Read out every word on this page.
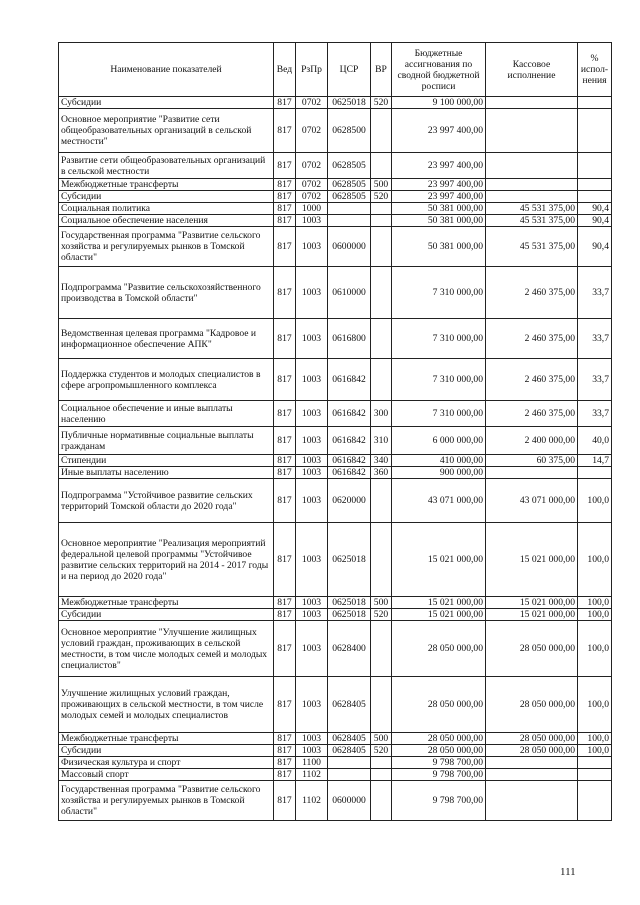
Наименование показателей	Вед	РзПр	ЦСР	ВР	Бюджетные ассигнования по сводной бюджетной росписи	Кассовое исполнение	% испол-нения
Субсидии	817	0702	0625018	520	9 100 000,00		
Основное мероприятие "Развитие сети общеобразовательных организаций в сельской местности"	817	0702	0628500		23 997 400,00		
Развитие сети общеобразовательных организаций в сельской местности	817	0702	0628505		23 997 400,00		
Межбюджетные трансферты	817	0702	0628505	500	23 997 400,00		
Субсидии	817	0702	0628505	520	23 997 400,00		
Социальная политика	817	1000			50 381 000,00	45 531 375,00	90,4
Социальное обеспечение населения	817	1003			50 381 000,00	45 531 375,00	90,4
Государственная программа "Развитие сельского хозяйства и регулируемых рынков в Томской области"	817	1003	0600000		50 381 000,00	45 531 375,00	90,4
Подпрограмма "Развитие сельскохозяйственного производства в Томской области"	817	1003	0610000		7 310 000,00	2 460 375,00	33,7
Ведомственная целевая программа "Кадровое и информационное обеспечение АПК"	817	1003	0616800		7 310 000,00	2 460 375,00	33,7
Поддержка студентов и молодых специалистов в сфере агропромышленного комплекса	817	1003	0616842		7 310 000,00	2 460 375,00	33,7
Социальное обеспечение и иные выплаты населению	817	1003	0616842	300	7 310 000,00	2 460 375,00	33,7
Публичные нормативные социальные выплаты гражданам	817	1003	0616842	310	6 000 000,00	2 400 000,00	40,0
Стипендии	817	1003	0616842	340	410 000,00	60 375,00	14,7
Иные выплаты населению	817	1003	0616842	360	900 000,00		
Подпрограмма "Устойчивое развитие сельских территорий Томской области до 2020 года"	817	1003	0620000		43 071 000,00	43 071 000,00	100,0
Основное мероприятие "Реализация мероприятий федеральной целевой программы "Устойчивое развитие сельских территорий на 2014 - 2017 годы и на период до 2020 года"	817	1003	0625018		15 021 000,00	15 021 000,00	100,0
Межбюджетные трансферты	817	1003	0625018	500	15 021 000,00	15 021 000,00	100,0
Субсидии	817	1003	0625018	520	15 021 000,00	15 021 000,00	100,0
Основное мероприятие "Улучшение жилищных условий граждан, проживающих в сельской местности, в том числе молодых семей и молодых специалистов"	817	1003	0628400		28 050 000,00	28 050 000,00	100,0
Улучшение жилищных условий граждан, проживающих в сельской местности, в том числе молодых семей и молодых специалистов	817	1003	0628405		28 050 000,00	28 050 000,00	100,0
Межбюджетные трансферты	817	1003	0628405	500	28 050 000,00	28 050 000,00	100,0
Субсидии	817	1003	0628405	520	28 050 000,00	28 050 000,00	100,0
Физическая культура и спорт	817	1100			9 798 700,00		
Массовый спорт	817	1102			9 798 700,00		
Государственная программа "Развитие сельского хозяйства и регулируемых рынков в Томской области"	817	1102	0600000		9 798 700,00		
111
